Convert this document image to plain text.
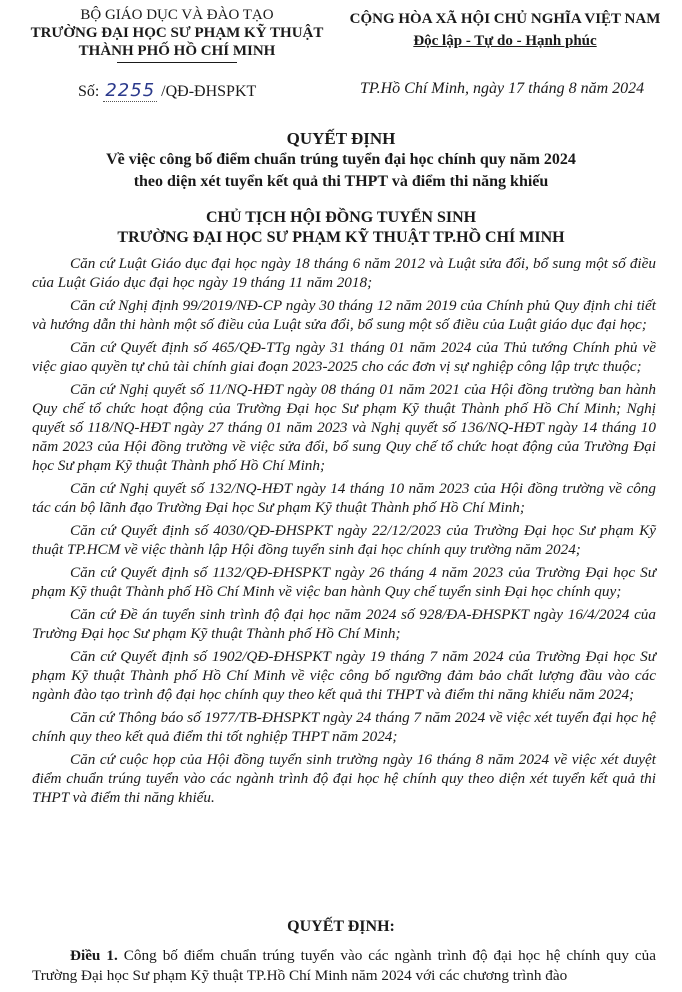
BỘ GIÁO DỤC VÀ ĐÀO TẠO
TRƯỜNG ĐẠI HỌC SƯ PHẠM KỸ THUẬT
THÀNH PHỐ HỒ CHÍ MINH
CỘNG HÒA XÃ HỘI CHỦ NGHĨA VIỆT NAM
Độc lập - Tự do - Hạnh phúc
Số: 2255 /QĐ-ĐHSPKT	TP.Hồ Chí Minh, ngày 17 tháng 8 năm 2024
QUYẾT ĐỊNH
Về việc công bố điểm chuẩn trúng tuyển đại học chính quy năm 2024
theo diện xét tuyển kết quả thi THPT và điểm thi năng khiếu
CHỦ TỊCH HỘI ĐỒNG TUYỂN SINH
TRƯỜNG ĐẠI HỌC SƯ PHẠM KỸ THUẬT TP.HỒ CHÍ MINH

Căn cứ Luật Giáo dục đại học ngày 18 tháng 6 năm 2012 và Luật sửa đổi, bổ sung một số điều của Luật Giáo dục đại học ngày 19 tháng 11 năm 2018;

Căn cứ Nghị định 99/2019/NĐ-CP ngày 30 tháng 12 năm 2019 của Chính phủ Quy định chi tiết và hướng dẫn thi hành một số điều của Luật sửa đổi, bổ sung một số điều của Luật giáo dục đại học;

Căn cứ Quyết định số 465/QĐ-TTg ngày 31 tháng 01 năm 2024 của Thủ tướng Chính phủ về việc giao quyền tự chủ tài chính giai đoạn 2023-2025 cho các đơn vị sự nghiệp công lập trực thuộc;

Căn cứ Nghị quyết số 11/NQ-HĐT ngày 08 tháng 01 năm 2021 của Hội đồng trường ban hành Quy chế tổ chức hoạt động của Trường Đại học Sư phạm Kỹ thuật Thành phố Hồ Chí Minh; Nghị quyết số 118/NQ-HĐT ngày 27 tháng 01 năm 2023 và Nghị quyết số 136/NQ-HĐT ngày 14 tháng 10 năm 2023 của Hội đồng trường về việc sửa đổi, bổ sung Quy chế tổ chức hoạt động của Trường Đại học Sư phạm Kỹ thuật Thành phố Hồ Chí Minh;

Căn cứ Nghị quyết số 132/NQ-HĐT ngày 14 tháng 10 năm 2023 của Hội đồng trường về công tác cán bộ lãnh đạo Trường Đại học Sư phạm Kỹ thuật Thành phố Hồ Chí Minh;

Căn cứ Quyết định số 4030/QĐ-ĐHSPKT ngày 22/12/2023 của Trường Đại học Sư phạm Kỹ thuật TP.HCM về việc thành lập Hội đồng tuyển sinh đại học chính quy trường năm 2024;

Căn cứ Quyết định số 1132/QĐ-ĐHSPKT ngày 26 tháng 4 năm 2023 của Trường Đại học Sư phạm Kỹ thuật Thành phố Hồ Chí Minh về việc ban hành Quy chế tuyển sinh Đại học chính quy;

Căn cứ Đề án tuyển sinh trình độ đại học năm 2024 số 928/ĐA-ĐHSPKT ngày 16/4/2024 của Trường Đại học Sư phạm Kỹ thuật Thành phố Hồ Chí Minh;

Căn cứ Quyết định số 1902/QĐ-ĐHSPKT ngày 19 tháng 7 năm 2024 của Trường Đại học Sư phạm Kỹ thuật Thành phố Hồ Chí Minh về việc công bố ngưỡng đảm bảo chất lượng đầu vào các ngành đào tạo trình độ đại học chính quy theo kết quả thi THPT và điểm thi năng khiếu năm 2024;

Căn cứ Thông báo số 1977/TB-ĐHSPKT ngày 24 tháng 7 năm 2024 về việc xét tuyển đại học hệ chính quy theo kết quả điểm thi tốt nghiệp THPT năm 2024;

Căn cứ cuộc họp của Hội đồng tuyển sinh trường ngày 16 tháng 8 năm 2024 về việc xét duyệt điểm chuẩn trúng tuyển vào các ngành trình độ đại học hệ chính quy theo diện xét tuyển kết quả thi THPT và điểm thi năng khiếu.

QUYẾT ĐỊNH:
Điều 1. Công bố điểm chuẩn trúng tuyển vào các ngành trình độ đại học hệ chính quy của Trường Đại học Sư phạm Kỹ thuật TP.Hồ Chí Minh năm 2024 với các chương trình đào
